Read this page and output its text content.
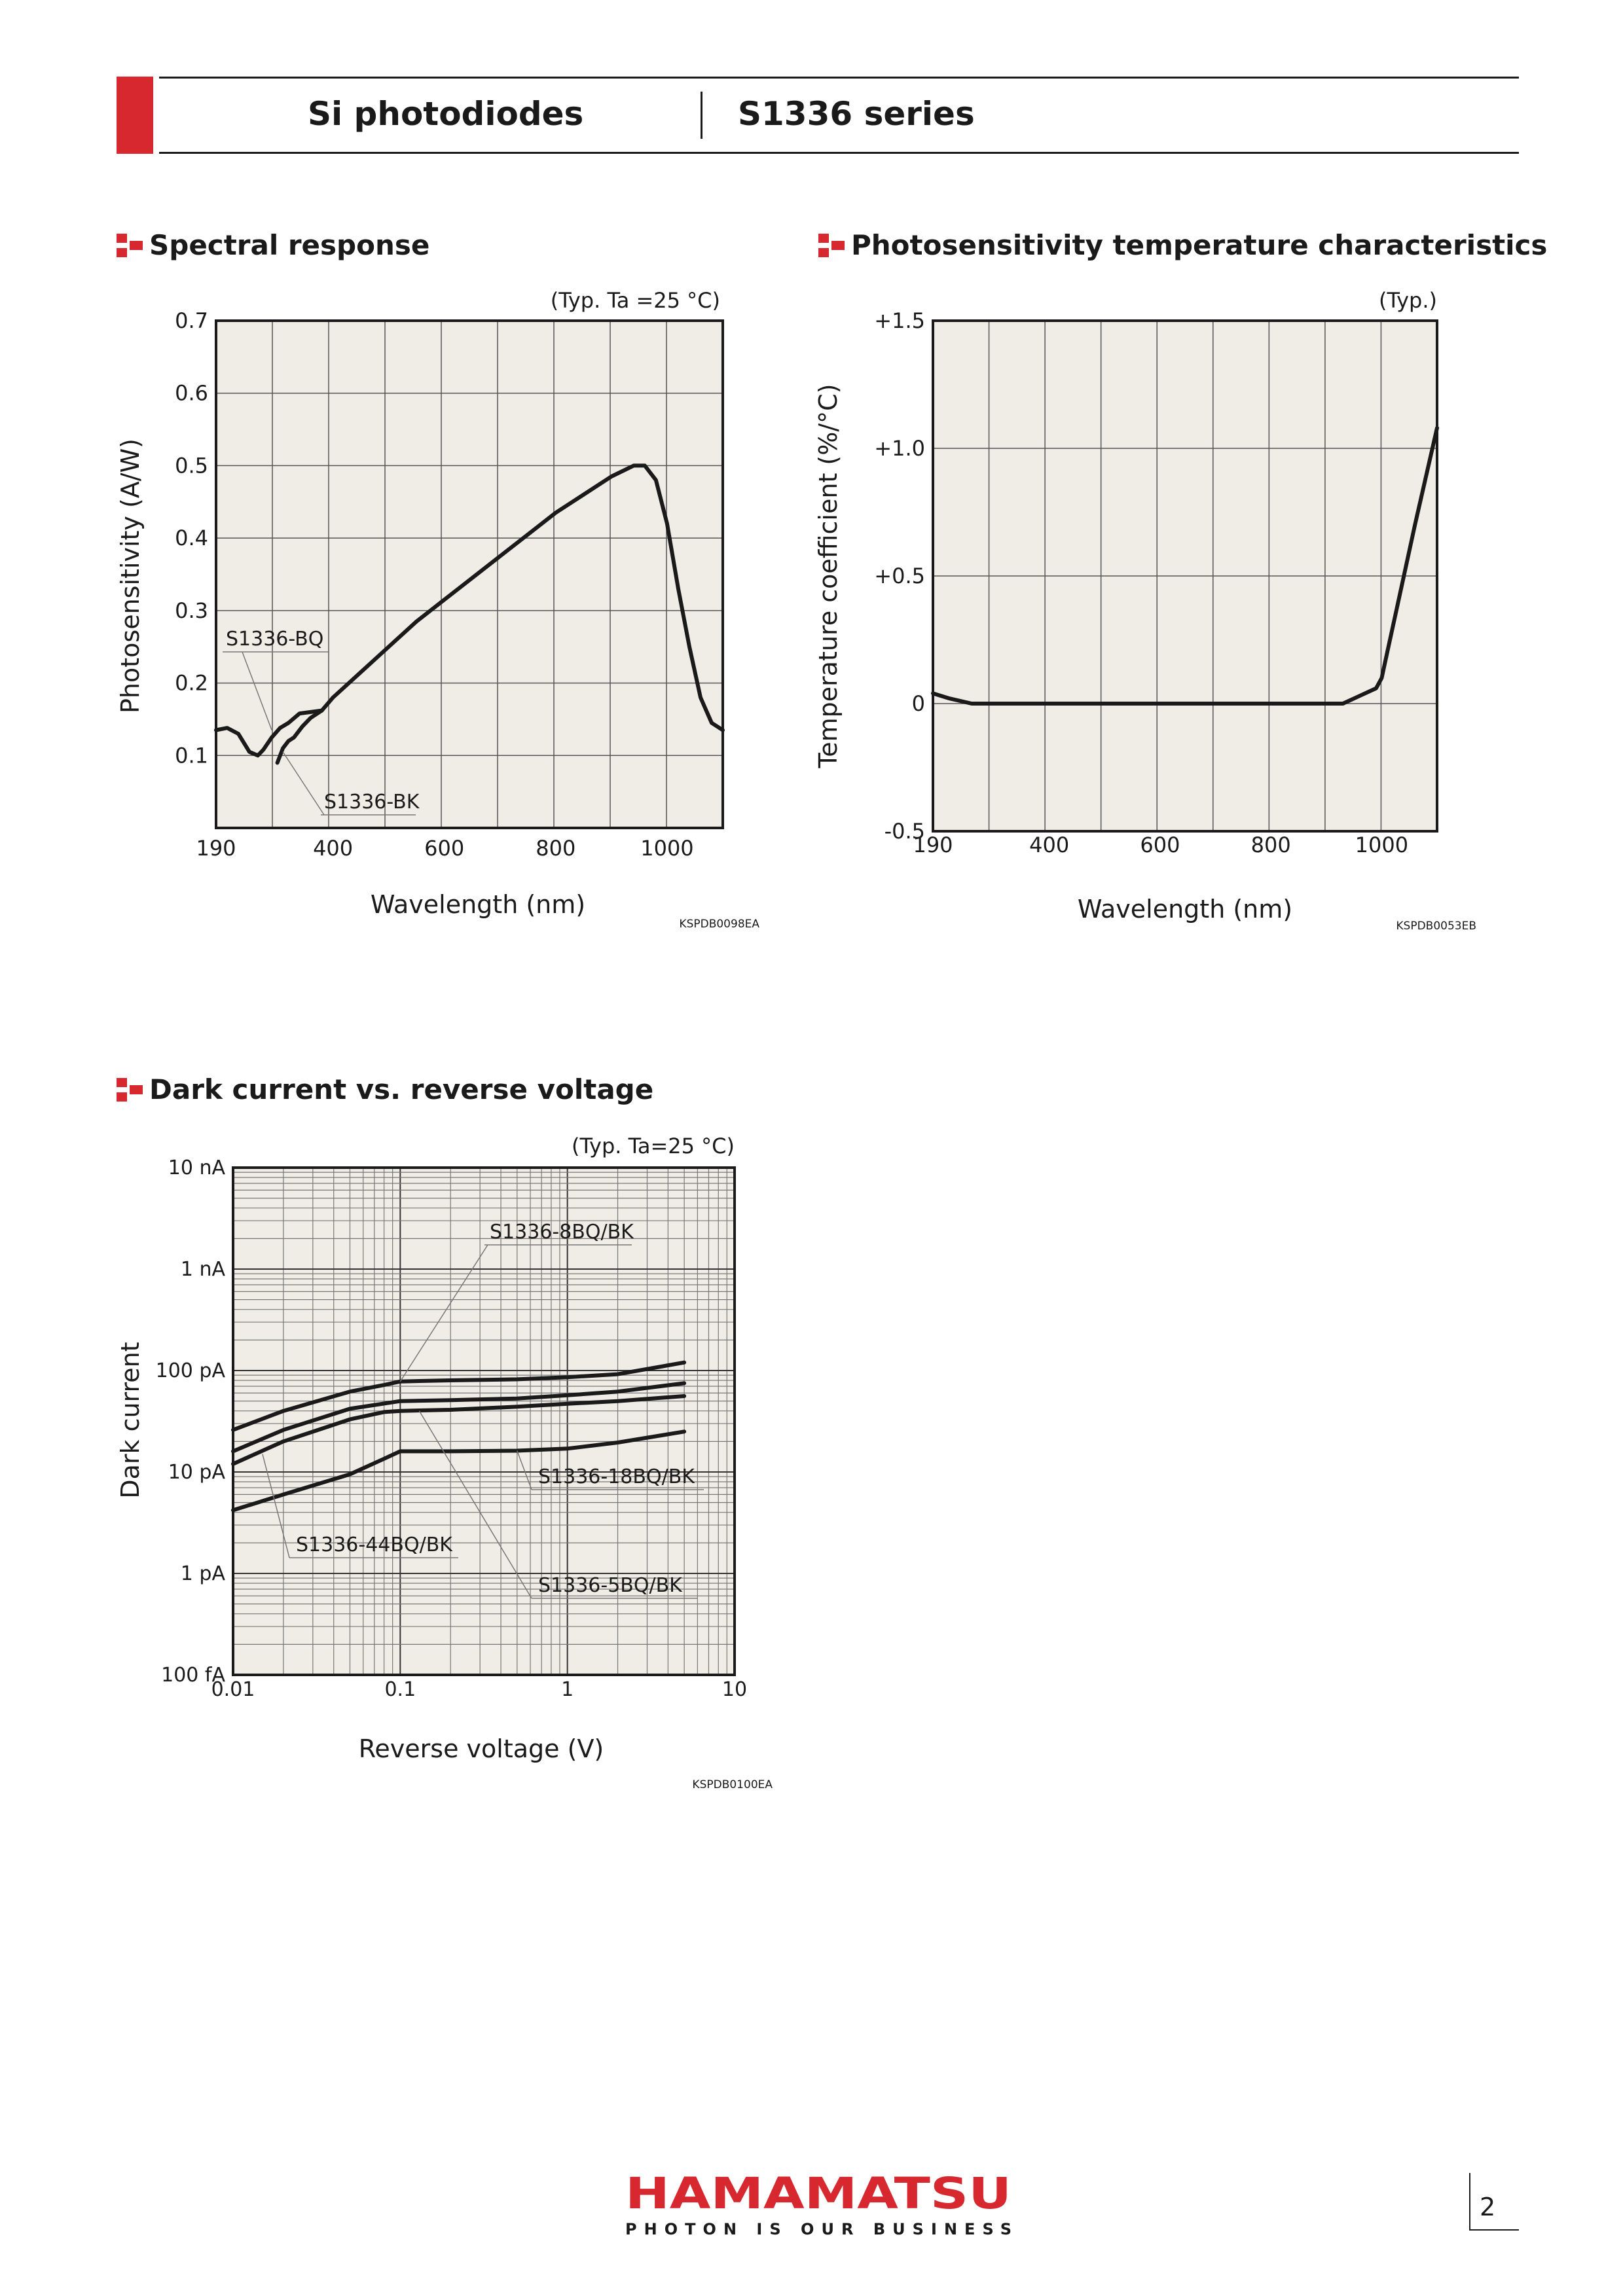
Si photodiodes	S1336 series
Spectral response	Photosensitivity temperature characteristics
Dark current vs. reverse voltage
S1336-BQ
S1336-BK
(Typ. Ta =25 °C)
0.7
0.6
0.5
0.4
0.3
0.2
0.1
190	400	600	800	1000
Wavelength (nm)
Photosensitivity (A/W)
KSPDB0098EA
(Typ.)
+1.5
+1.0
+0.5
0
-0.5
190	400	600	800	1000
Wavelength (nm)
Temperature coefficient (%/°C)
KSPDB0053EB
S1336-8BQ/BK
S1336-18BQ/BK
S1336-44BQ/BK
S1336-5BQ/BK
(Typ. Ta=25 °C)
10 nA
1 nA
100 pA
10 pA
1 pA
100 fA
0.01	0.1	1	10
Reverse voltage (V)
Dark current
KSPDB0100EA
HAMAMATSU
PHOTON IS OUR BUSINESS
2
